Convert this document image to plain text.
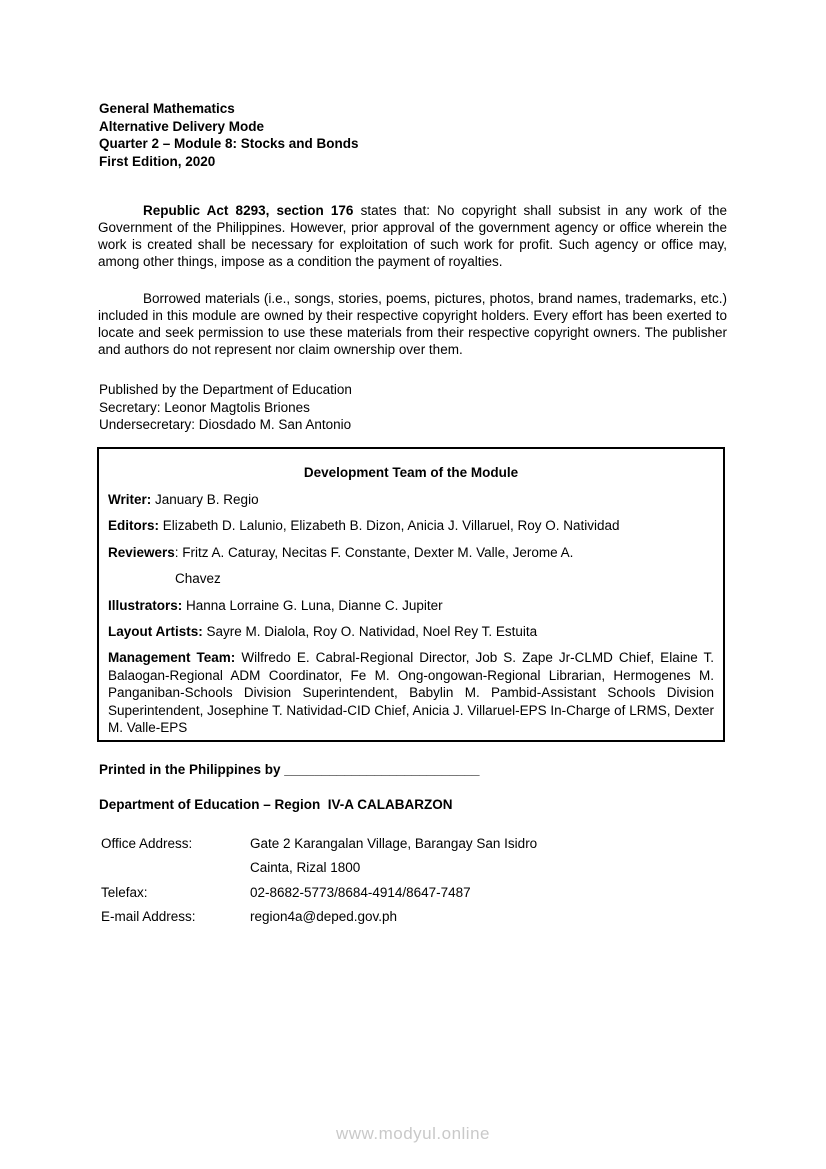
General Mathematics
Alternative Delivery Mode
Quarter 2 – Module 8: Stocks and Bonds
First Edition, 2020

Republic Act 8293, section 176 states that: No copyright shall subsist in any work of the Government of the Philippines. However, prior approval of the government agency or office wherein the work is created shall be necessary for exploitation of such work for profit. Such agency or office may, among other things, impose as a condition the payment of royalties.

Borrowed materials (i.e., songs, stories, poems, pictures, photos, brand names, trademarks, etc.) included in this module are owned by their respective copyright holders. Every effort has been exerted to locate and seek permission to use these materials from their respective copyright owners. The publisher and authors do not represent nor claim ownership over them.

Published by the Department of Education
Secretary: Leonor Magtolis Briones
Undersecretary: Diosdado M. San Antonio
Development Team of the Module

Writer: January B. Regio

Editors: Elizabeth D. Lalunio, Elizabeth B. Dizon, Anicia J. Villaruel, Roy O. Natividad

Reviewers: Fritz A. Caturay, Necitas F. Constante, Dexter M. Valle, Jerome A.

Chavez

Illustrators: Hanna Lorraine G. Luna, Dianne C. Jupiter

Layout Artists: Sayre M. Dialola, Roy O. Natividad, Noel Rey T. Estuita

Management Team: Wilfredo E. Cabral-Regional Director, Job S. Zape Jr-CLMD Chief, Elaine T. Balaogan-Regional ADM Coordinator, Fe M. Ong-ongowan-Regional Librarian, Hermogenes M. Panganiban-Schools Division Superintendent, Babylin M. Pambid-Assistant Schools Division Superintendent, Josephine T. Natividad-CID Chief, Anicia J. Villaruel-EPS In-Charge of LRMS, Dexter M. Valle-EPS

Printed in the Philippines by __________________________
Department of Education – Region  IV-A CALABARZON
Office Address:	Gate 2 Karangalan Village, Barangay San Isidro
Cainta, Rizal 1800
Telefax:	02-8682-5773/8684-4914/8647-7487
E-mail Address:	region4a@deped.gov.ph
www.modyul.online
